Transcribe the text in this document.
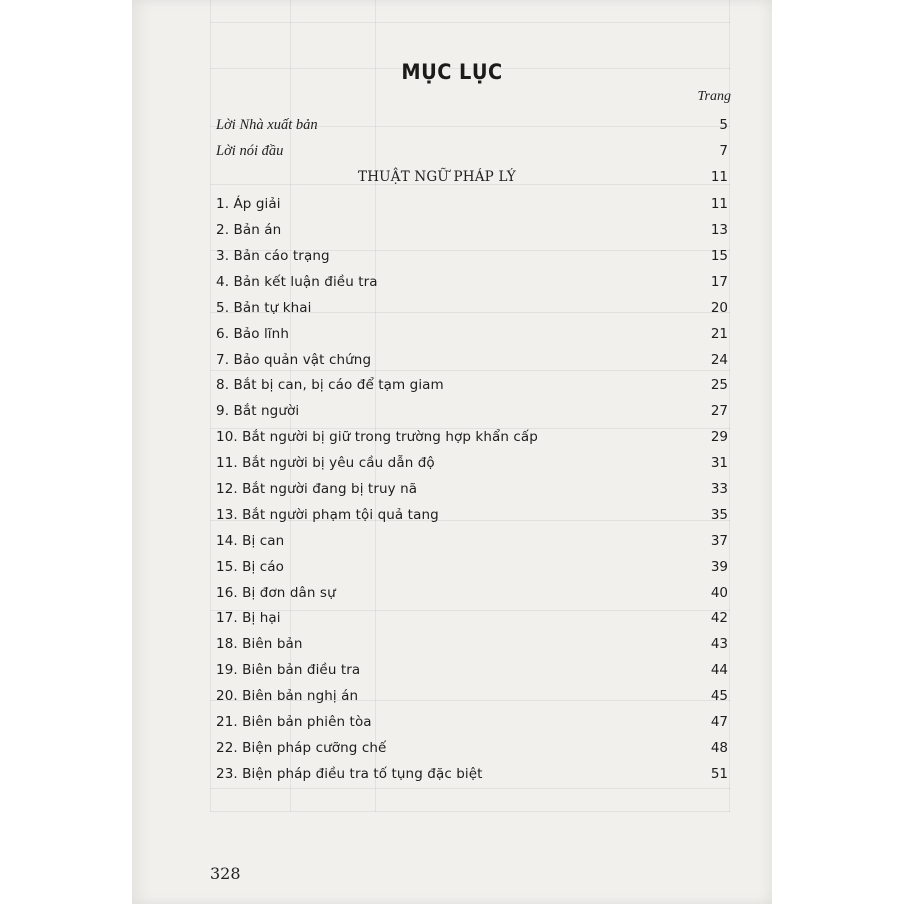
MỤC LỤC
Trang
Lời Nhà xuất bản	5
Lời nói đầu	7
THUẬT NGỮ PHÁP LÝ	11
1. Áp giải	11
2. Bản án	13
3. Bản cáo trạng	15
4. Bản kết luận điều tra	17
5. Bản tự khai	20
6. Bảo lĩnh	21
7. Bảo quản vật chứng	24
8. Bắt bị can, bị cáo để tạm giam	25
9. Bắt người	27
10. Bắt người bị giữ trong trường hợp khẩn cấp	29
11. Bắt người bị yêu cầu dẫn độ	31
12. Bắt người đang bị truy nã	33
13. Bắt người phạm tội quả tang	35
14. Bị can	37
15. Bị cáo	39
16. Bị đơn dân sự	40
17. Bị hại	42
18. Biên bản	43
19. Biên bản điều tra	44
20. Biên bản nghị án	45
21. Biên bản phiên tòa	47
22. Biện pháp cưỡng chế	48
23. Biện pháp điều tra tố tụng đặc biệt	51
328
